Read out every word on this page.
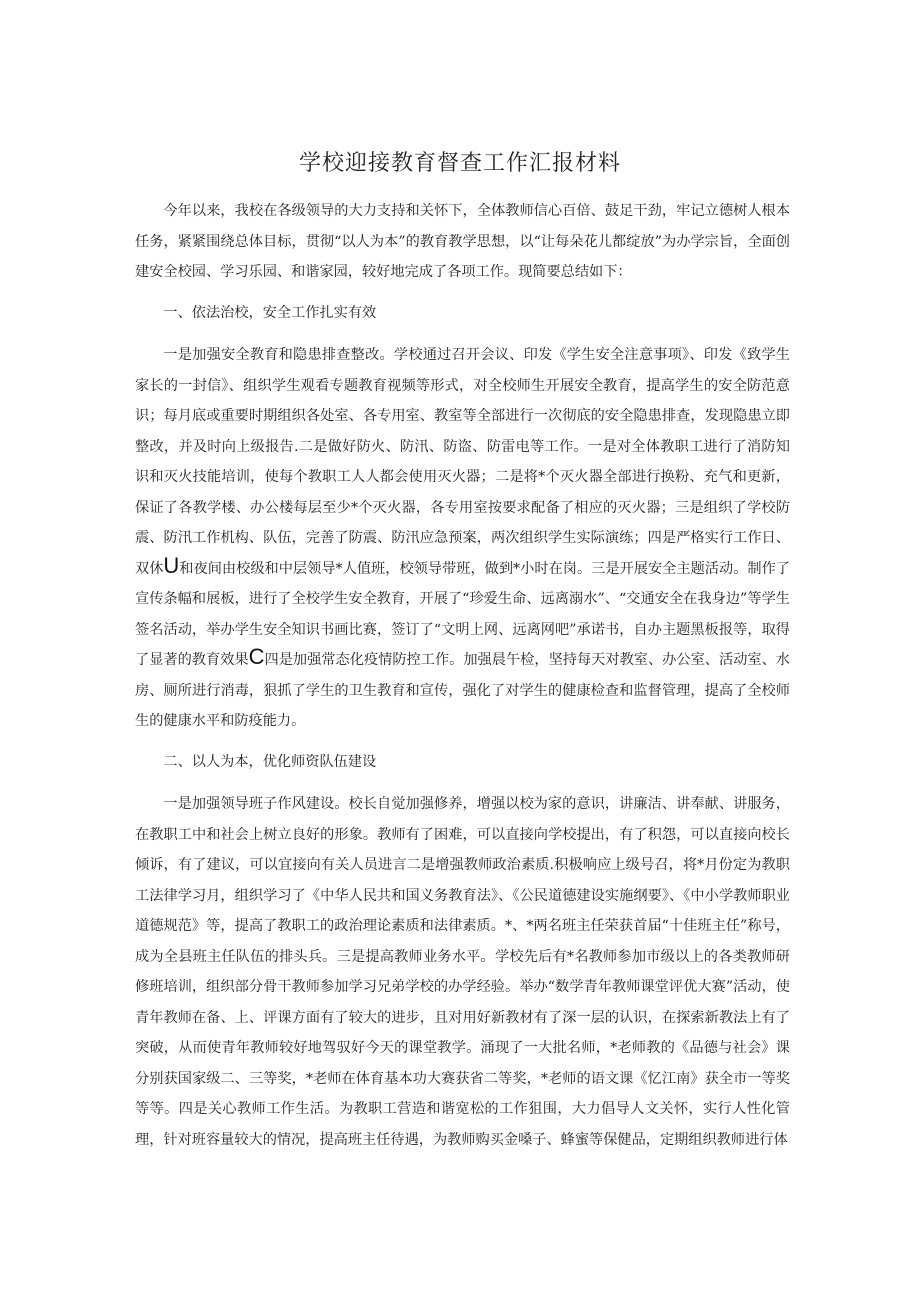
学校迎接教育督查工作汇报材料

今年以来，我校在各级领导的大力支持和关怀下，全体教师信心百倍、鼓足干劲，牢记立德树人根本任务，紧紧围绕总体目标，贯彻“以人为本”的教育教学思想，以“让每朵花儿都绽放”为办学宗旨，全面创建安全校园、学习乐园、和谐家园，较好地完成了各项工作。现简要总结如下：

一、依法治校，安全工作扎实有效

一是加强安全教育和隐患排查整改。学校通过召开会议、印发《学生安全注意事项》、印发《致学生家长的一封信》、组织学生观看专题教育视频等形式，对全校师生开展安全教育，提高学生的安全防范意识；每月底或重要时期组织各处室、各专用室、教室等全部进行一次彻底的安全隐患排查，发现隐患立即整改，并及时向上级报告.二是做好防火、防汛、防盗、防雷电等工作。一是对全体教职工进行了消防知识和灭火技能培训，使每个教职工人人都会使用灭火器；二是将*个灭火器全部进行换粉、充气和更新，保证了各教学楼、办公楼每层至少*个灭火器，各专用室按要求配备了相应的灭火器；三是组织了学校防震、防汛工作机构、队伍，完善了防震、防汛应急预案，两次组织学生实际演练；四是严格实行工作日、双休U和夜间由校级和中层领导*人值班，校领导带班，做到*小时在岗。三是开展安全主题活动。制作了宣传条幅和展板，进行了全校学生安全教育，开展了“珍爱生命、远离溺水”、“交通安全在我身边”等学生签名活动，举办学生安全知识书画比赛，签订了“文明上网、远离网吧”承诺书，自办主题黑板报等，取得了显著的教育效果C四是加强常态化疫情防控工作。加强晨午检，坚持每天对教室、办公室、活动室、水房、厕所进行消毒，狠抓了学生的卫生教育和宣传，强化了对学生的健康检查和监督管理，提高了全校师生的健康水平和防疫能力。

二、以人为本，优化师资队伍建设

一是加强领导班子作风建设。校长自觉加强修养，增强以校为家的意识，讲廉洁、讲奉献、讲服务，在教职工中和社会上树立良好的形象。教师有了困难，可以直接向学校提出，有了积怨，可以直接向校长倾诉，有了建议，可以宜接向有关人员进言二是增强教师政治素质.积极响应上级号召，将*月份定为教职工法律学习月，组织学习了《中华人民共和国义务教育法》、《公民道德建设实施纲要》、《中小学教师职业道德规范》等，提高了教职工的政治理论素质和法律素质。*、*两名班主任荣获首届“十佳班主任”称号，成为全县班主任队伍的排头兵。三是提高教师业务水平。学校先后有*名教师参加市级以上的各类教师研修班培训，组织部分骨干教师参加学习兄弟学校的办学经验。举办“数学青年教师课堂评优大赛”活动，使青年教师在备、上、评课方面有了较大的进步，且对用好新教材有了深一层的认识，在探索新教法上有了突破，从而使青年教师较好地驾驭好今天的课堂教学。涌现了一大批名师，*老师教的《品德与社会》课分别获国家级二、三等奖，*老师在体育基本功大赛获省二等奖，*老师的语文课《忆江南》获全市一等奖等等。四是关心教师工作生活。为教职工营造和谐宽松的工作狙围，大力倡导人文关怀，实行人性化管理，针对班容量较大的情况，提高班主任待遇，为教师购买金嗓子、蜂蜜等保健品，定期组织教师进行体
